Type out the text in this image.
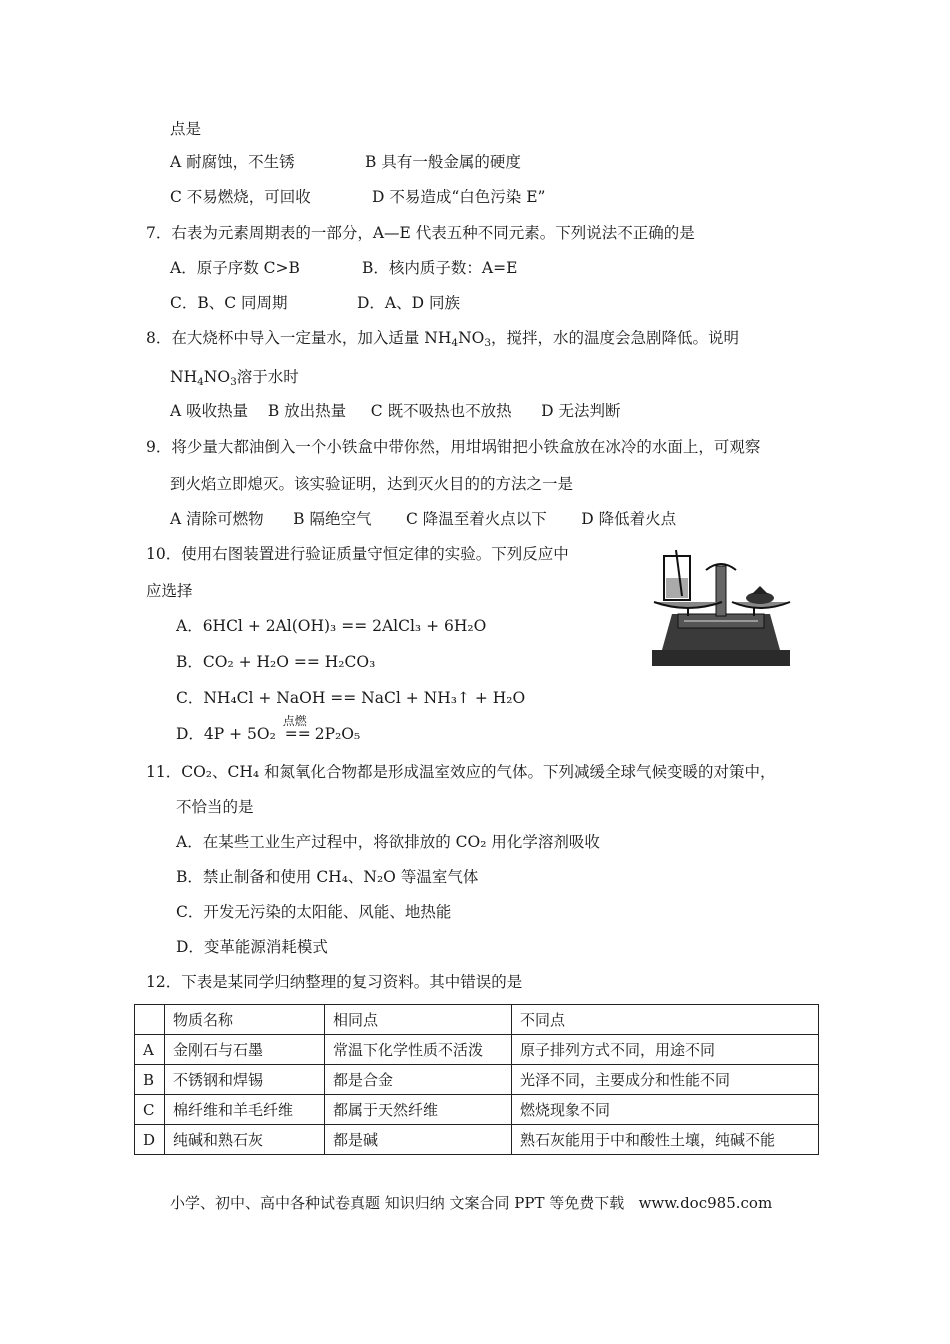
点是
A 耐腐蚀，不生锈	B 具有一般金属的硬度
C 不易燃烧，可回收	D 不易造成“白色污染 E”
7．右表为元素周期表的一部分，A—E 代表五种不同元素。下列说法不正确的是
A．原子序数 C>B	B．核内质子数：A=E
C．B、C 同周期	D．A、D 同族
8．在大烧杯中导入一定量水，加入适量 $NH_4NO_3$，搅拌，水的温度会急剧降低。说明
$NH_4NO_3$溶于水时
A 吸收热量    B 放出热量     C 既不吸热也不放热      D 无法判断
9．将少量大都油倒入一个小铁盒中带你然，用坩埚钳把小铁盒放在冰冷的水面上，可观察
到火焰立即熄灭。该实验证明，达到灭火目的的方法之一是
A 清除可燃物      B 隔绝空气       C 降温至着火点以下       D 降低着火点
10．使用右图装置进行验证质量守恒定律的实验。下列反应中
应选择
A．6HCl + 2Al(OH)₃ == 2AlCl₃ + 6H₂O
B．CO₂ + H₂O == H₂CO₃
C．NH₄Cl + NaOH == NaCl + NH₃↑ + H₂O
D．4P + 5O₂
点燃
== 2P₂O₅
11．CO₂、CH₄ 和氮氧化合物都是形成温室效应的气体。下列减缓全球气候变暖的对策中，
不恰当的是
A．在某些工业生产过程中，将欲排放的 CO₂ 用化学溶剂吸收
B．禁止制备和使用 CH₄、N₂O 等温室气体
C．开发无污染的太阳能、风能、地热能
D．变革能源消耗模式
12．下表是某同学归纳整理的复习资料。其中错误的是
	物质名称	相同点	不同点
A	金刚石与石墨	常温下化学性质不活泼	原子排列方式不同，用途不同
B	不锈钢和焊锡	都是合金	光泽不同，主要成分和性能不同
C	棉纤维和羊毛纤维	都属于天然纤维	燃烧现象不同
D	纯碱和熟石灰	都是碱	熟石灰能用于中和酸性土壤，纯碱不能
小学、初中、高中各种试卷真题 知识归纳 文案合同 PPT 等免费下载   www.doc985.com
